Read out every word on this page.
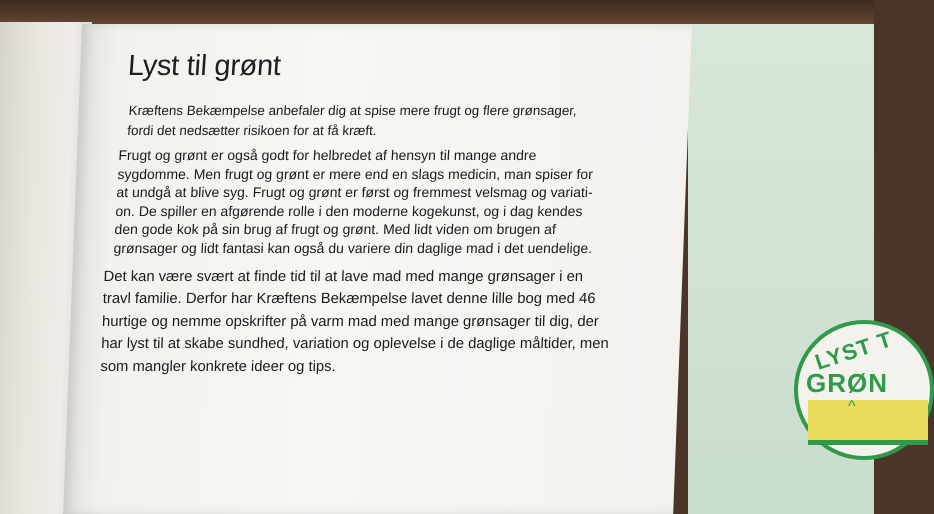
Lyst til grønt

Kræftens Bekæmpelse anbefaler dig at spise mere frugt og flere grønsager,
fordi det nedsætter risikoen for at få kræft.

Frugt og grønt er også godt for helbredet af hensyn til mange andre
sygdomme. Men frugt og grønt er mere end en slags medicin, man spiser for
at undgå at blive syg. Frugt og grønt er først og fremmest velsmag og variati-
on. De spiller en afgørende rolle i den moderne kogekunst, og i dag kendes
den gode kok på sin brug af frugt og grønt. Med lidt viden om brugen af
grønsager og lidt fantasi kan også du variere din daglige mad i det uendelige.

Det kan være svært at finde tid til at lave mad med mange grønsager i en
travl familie. Derfor har Kræftens Bekæmpelse lavet denne lille bog med 46
hurtige og nemme opskrifter på varm mad med mange grønsager til dig, der
har lyst til at skabe sundhed, variation og oplevelse i de daglige måltider, men
som mangler konkrete ideer og tips.	LYST T
GRØN
^
